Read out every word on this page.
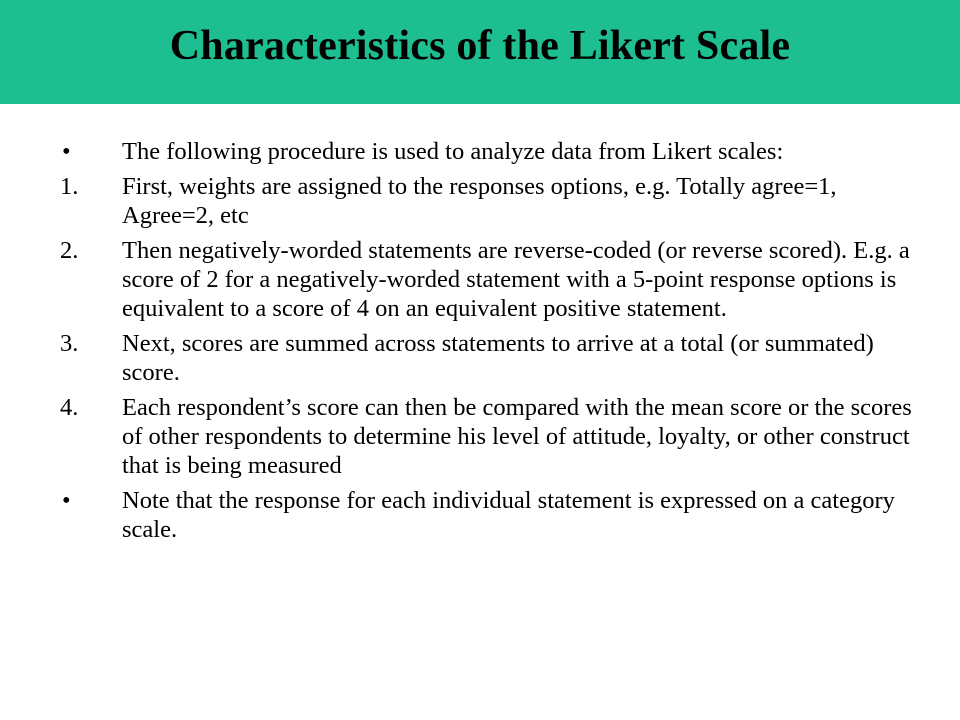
Characteristics of the Likert Scale
• The following procedure is used to analyze data from Likert scales:
1. First, weights are assigned to the responses options, e.g. Totally agree=1, Agree=2, etc
2. Then negatively-worded statements are reverse-coded (or reverse scored). E.g. a score of 2 for a negatively-worded statement with a 5-point response options is equivalent to a score of 4 on an equivalent positive statement.
3. Next, scores are summed across statements to arrive at a total (or summated) score.
4. Each respondent’s score can then be compared with the mean score or the scores of other respondents to determine his level of attitude, loyalty, or other construct that is being measured
• Note that the response for each individual statement is expressed on a category scale.
